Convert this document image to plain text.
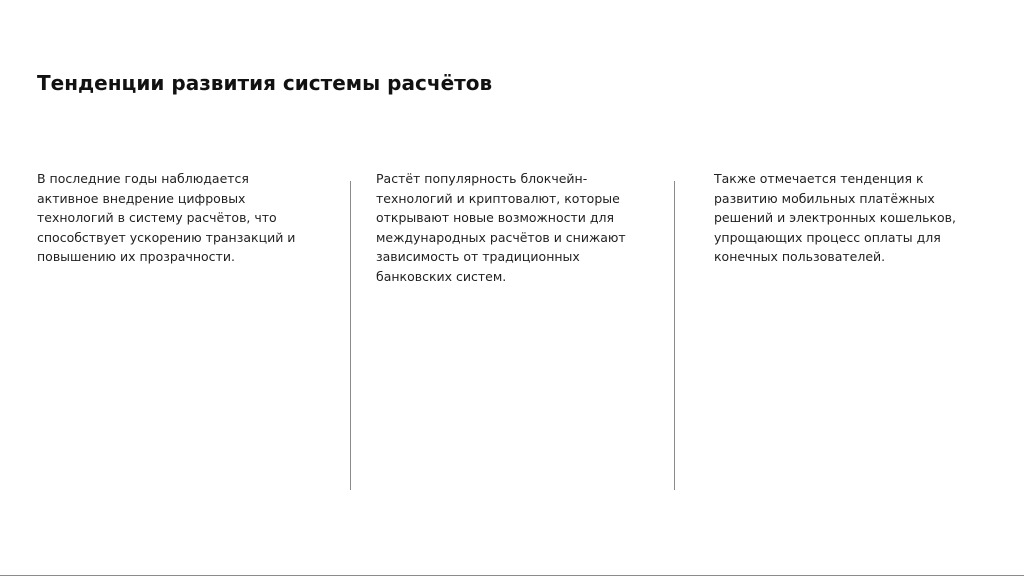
Тенденции развития системы расчётов

В последние годы наблюдается активное внедрение цифровых технологий в систему расчётов, что способствует ускорению транзакций и повышению их прозрачности.

Растёт популярность блокчейн-технологий и криптовалют, которые открывают новые возможности для международных расчётов и снижают зависимость от традиционных банковских систем.

Также отмечается тенденция к развитию мобильных платёжных решений и электронных кошельков, упрощающих процесс оплаты для конечных пользователей.
